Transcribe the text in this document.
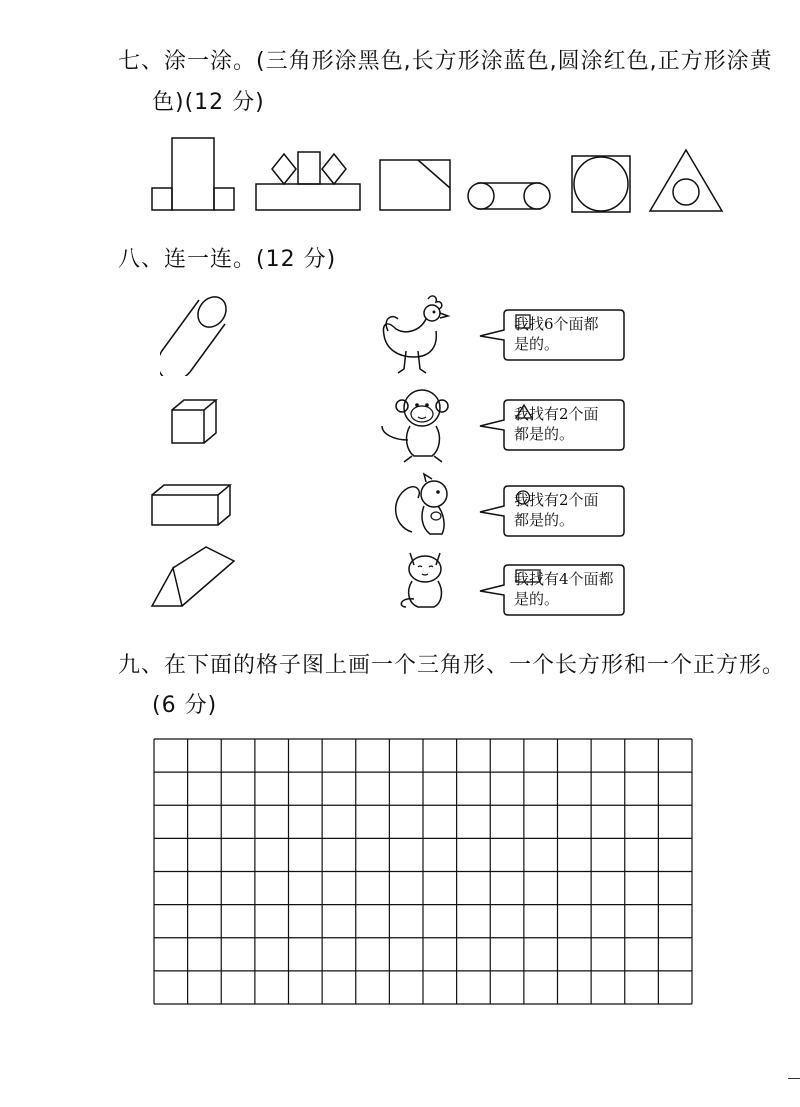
七、涂一涂。(三角形涂黑色,长方形涂蓝色,圆涂红色,正方形涂黄
色)(12 分)
八、连一连。(12 分)
我找6个面都
是
的。
我找有2个面
都是
的。
我找有2个面
都是
的。
我找有4个面都
是
的。
九、在下面的格子图上画一个三角形、一个长方形和一个正方形。
(6 分)
